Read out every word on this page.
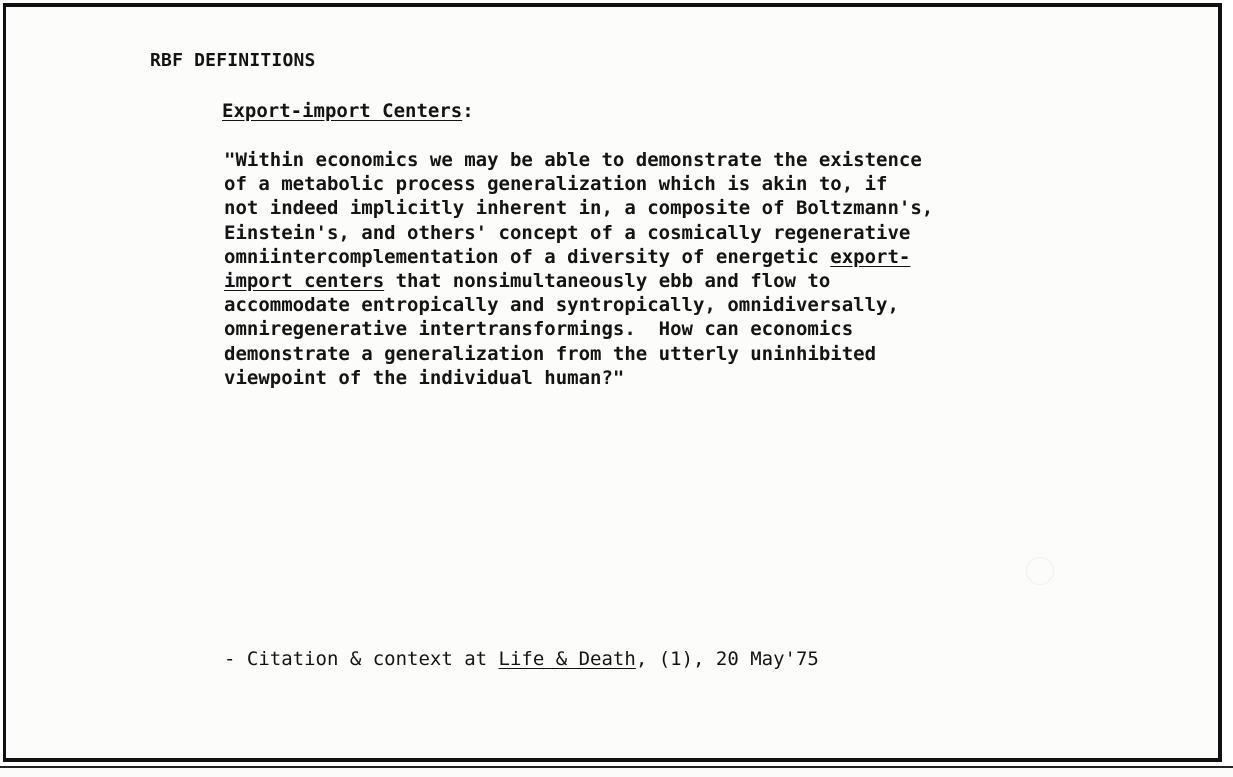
RBF DEFINITIONS
Export-import Centers:
"Within economics we may be able to demonstrate the existence
of a metabolic process generalization which is akin to, if
not indeed implicitly inherent in, a composite of Boltzmann's,
Einstein's, and others' concept of a cosmically regenerative
omniintercomplementation of a diversity of energetic export-
import centers that nonsimultaneously ebb and flow to
accommodate entropically and syntropically, omnidiversally,
omniregenerative intertransformings.  How can economics
demonstrate a generalization from the utterly uninhibited
viewpoint of the individual human?"
- Citation & context at Life & Death, (1), 20 May'75
